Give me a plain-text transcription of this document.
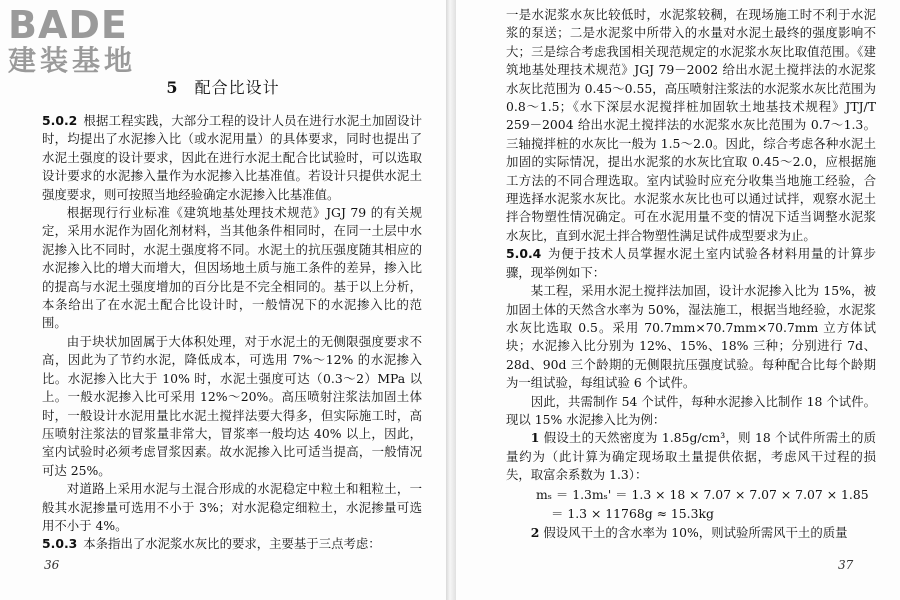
BADE
建装基地
5 配合比设计

5.0.2 根据工程实践，大部分工程的设计人员在进行水泥土加固设计时，均提出了水泥掺入比（或水泥用量）的具体要求，同时也提出了水泥土强度的设计要求，因此在进行水泥土配合比试验时，可以选取设计要求的水泥掺入量作为水泥掺入比基准值。若设计只提供水泥土强度要求，则可按照当地经验确定水泥掺入比基准值。

根据现行行业标准《建筑地基处理技术规范》JGJ 79 的有关规定，采用水泥作为固化剂材料，当其他条件相同时，在同一土层中水泥掺入比不同时，水泥土强度将不同。水泥土的抗压强度随其相应的水泥掺入比的增大而增大，但因场地土质与施工条件的差异，掺入比的提高与水泥土强度增加的百分比是不完全相同的。基于以上分析，本条给出了在水泥土配合比设计时，一般情况下的水泥掺入比的范围。

由于块状加固属于大体积处理，对于水泥土的无侧限强度要求不高，因此为了节约水泥，降低成本，可选用 7%～12% 的水泥掺入比。水泥掺入比大于 10% 时，水泥土强度可达（0.3～2）MPa 以上。一般水泥掺入比可采用 12%～20%。高压喷射注浆法加固土体时，一般设计水泥用量比水泥土搅拌法要大得多，但实际施工时，高压喷射注浆法的冒浆量非常大，冒浆率一般均达 40% 以上，因此，室内试验时必须考虑冒浆因素。故水泥掺入比可适当提高，一般情况可达 25%。

对道路上采用水泥与土混合形成的水泥稳定中粒土和粗粒土，一般其水泥掺量可选用不小于 3%；对水泥稳定细粒土，水泥掺量可选用不小于 4%。

5.0.3 本条指出了水泥浆水灰比的要求，主要基于三点考虑：

36

一是水泥浆水灰比较低时，水泥浆较稠，在现场施工时不利于水泥浆的泵送；二是水泥浆中所带入的水量对水泥土最终的强度影响不大；三是综合考虑我国相关现范规定的水泥浆水灰比取值范围。《建筑地基处理技术规范》JGJ 79－2002 给出水泥土搅拌法的水泥浆水灰比范围为 0.45～0.55，高压喷射注浆法的水泥浆水灰比范围为 0.8～1.5；《水下深层水泥搅拌桩加固软土地基技术规程》JTJ/T 259－2004 给出水泥土搅拌法的水泥浆水灰比范围为 0.7～1.3。三轴搅拌桩的水灰比一般为 1.5～2.0。因此，综合考虑各种水泥土加固的实际情况，提出水泥浆的水灰比宜取 0.45～2.0，应根据施工方法的不同合理选取。室内试验时应充分收集当地施工经验，合理选择水泥浆水灰比。水泥浆水灰比也可以通过试拌，观察水泥土拌合物塑性情况确定。可在水泥用量不变的情况下适当调整水泥浆水灰比，直到水泥土拌合物塑性满足试件成型要求为止。

5.0.4 为便于技术人员掌握水泥土室内试验各材料用量的计算步骤，现举例如下：

某工程，采用水泥土搅拌法加固，设计水泥掺入比为 15%，被加固土体的天然含水率为 50%，湿法施工，根据当地经验，水泥浆水灰比选取 0.5。采用 70.7mm×70.7mm×70.7mm 立方体试块；水泥掺入比分别为 12%、15%、18% 三种；分别进行 7d、28d、90d 三个龄期的无侧限抗压强度试验。每种配合比每个龄期为一组试验，每组试验 6 个试件。

因此，共需制作 54 个试件，每种水泥掺入比制作 18 个试件。现以 15% 水泥掺入比为例：

1 假设土的天然密度为 1.85g/cm³，则 18 个试件所需土的质量约为（此计算为确定现场取土量提供依据，考虑风干过程的损失，取富余系数为 1.3）：

mₛ ＝ 1.3mₛ' ＝ 1.3 × 18 × 7.07 × 7.07 × 7.07 × 1.85

＝ 1.3 × 11768g ≈ 15.3kg

2 假设风干土的含水率为 10%，则试验所需风干土的质量

37
